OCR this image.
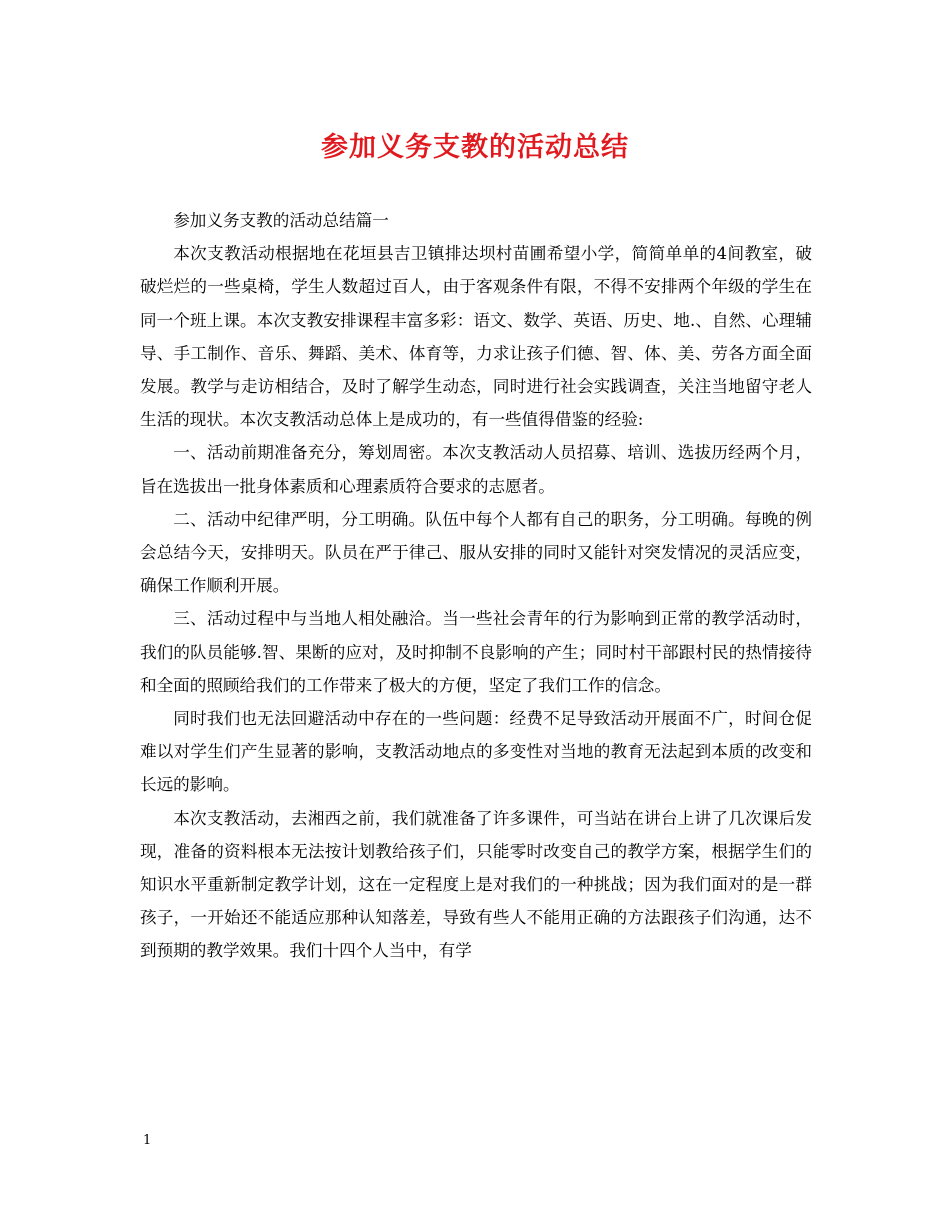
参加义务支教的活动总结

参加义务支教的活动总结篇一

本次支教活动根据地在花垣县吉卫镇排达坝村苗圃希望小学，简简单单的4间教室，破破烂烂的一些桌椅，学生人数超过百人，由于客观条件有限，不得不安排两个年级的学生在同一个班上课。本次支教安排课程丰富多彩：语文、数学、英语、历史、地.、自然、心理辅导、手工制作、音乐、舞蹈、美术、体育等，力求让孩子们德、智、体、美、劳各方面全面发展。教学与走访相结合，及时了解学生动态，同时进行社会实践调查，关注当地留守老人生活的现状。本次支教活动总体上是成功的，有一些值得借鉴的经验:

一、活动前期准备充分，筹划周密。本次支教活动人员招募、培训、选拔历经两个月，旨在选拔出一批身体素质和心理素质符合要求的志愿者。

二、活动中纪律严明，分工明确。队伍中每个人都有自己的职务，分工明确。每晚的例会总结今天，安排明天。队员在严于律己、服从安排的同时又能针对突发情况的灵活应变，确保工作顺利开展。

三、活动过程中与当地人相处融洽。当一些社会青年的行为影响到正常的教学活动时，我们的队员能够.智、果断的应对，及时抑制不良影响的产生；同时村干部跟村民的热情接待和全面的照顾给我们的工作带来了极大的方便，坚定了我们工作的信念。

同时我们也无法回避活动中存在的一些问题：经费不足导致活动开展面不广，时间仓促难以对学生们产生显著的影响，支教活动地点的多变性对当地的教育无法起到本质的改变和长远的影响。

本次支教活动，去湘西之前，我们就准备了许多课件，可当站在讲台上讲了几次课后发现，准备的资料根本无法按计划教给孩子们，只能零时改变自己的教学方案，根据学生们的知识水平重新制定教学计划，这在一定程度上是对我们的一种挑战；因为我们面对的是一群孩子，一开始还不能适应那种认知落差，导致有些人不能用正确的方法跟孩子们沟通，达不到预期的教学效果。我们十四个人当中，有学

1
